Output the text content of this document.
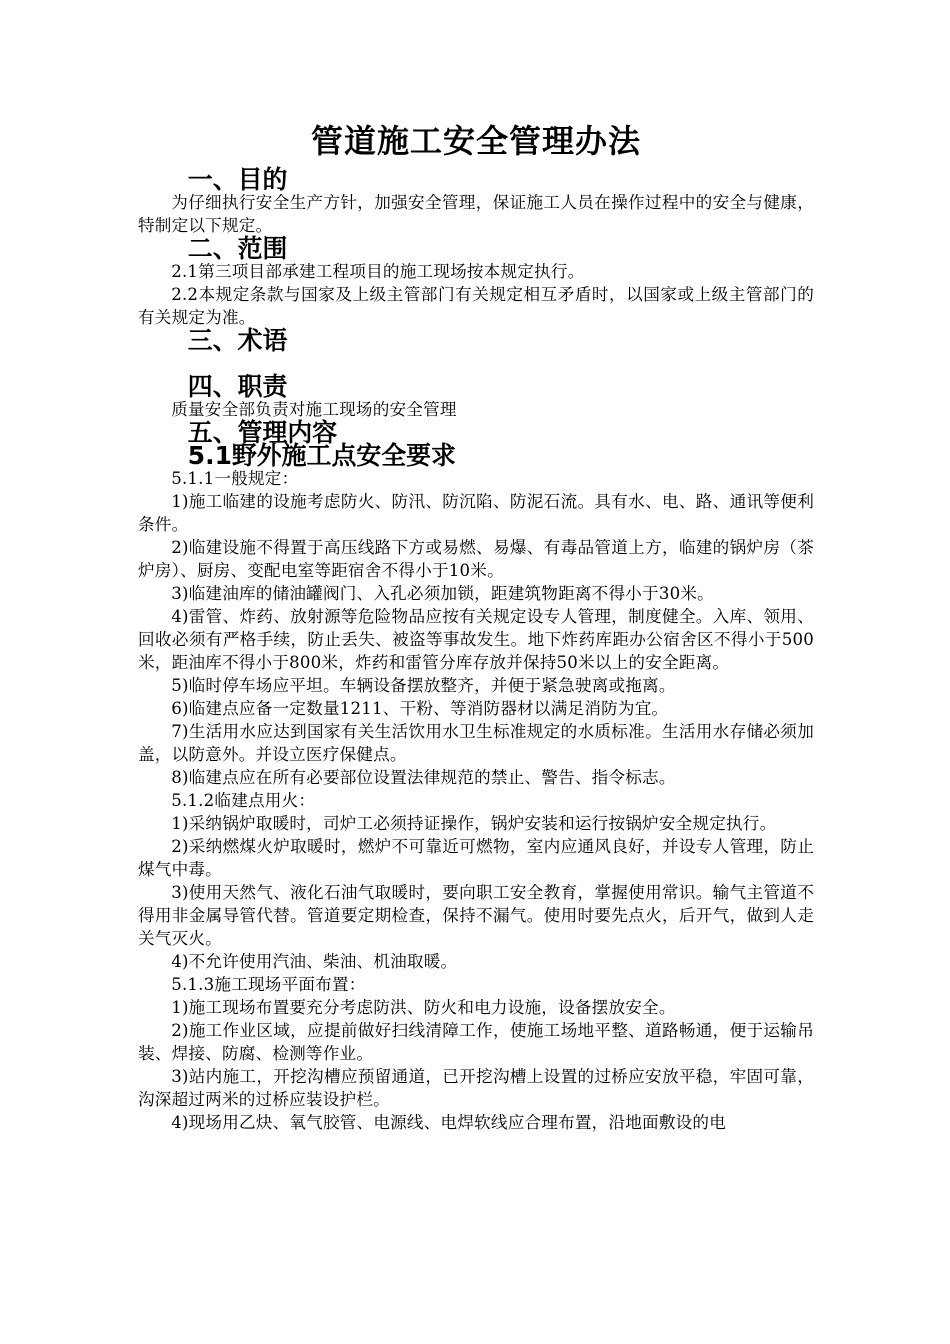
管道施工安全管理办法
一、目的

为仔细执行安全生产方针，加强安全管理，保证施工人员在操作过程中的安全与健康，特制定以下规定。

二、范围

2.1第三项目部承建工程项目的施工现场按本规定执行。

2.2本规定条款与国家及上级主管部门有关规定相互矛盾时，以国家或上级主管部门的有关规定为准。

三、术语

四、职责

质量安全部负责对施工现场的安全管理

五、管理内容
5.1野外施工点安全要求

5.1.1一般规定：

1)施工临建的设施考虑防火、防汛、防沉陷、防泥石流。具有水、电、路、通讯等便利条件。

2)临建设施不得置于高压线路下方或易燃、易爆、有毒品管道上方，临建的锅炉房（茶炉房）、厨房、变配电室等距宿舍不得小于10米。

3)临建油库的储油罐阀门、入孔必须加锁，距建筑物距离不得小于30米。

4)雷管、炸药、放射源等危险物品应按有关规定设专人管理，制度健全。入库、领用、回收必须有严格手续，防止丢失、被盗等事故发生。地下炸药库距办公宿舍区不得小于500米，距油库不得小于800米，炸药和雷管分库存放并保持50米以上的安全距离。

5)临时停车场应平坦。车辆设备摆放整齐，并便于紧急驶离或拖离。

6)临建点应备一定数量1211、干粉、等消防器材以满足消防为宜。

7)生活用水应达到国家有关生活饮用水卫生标准规定的水质标准。生活用水存储必须加盖，以防意外。并设立医疗保健点。

8)临建点应在所有必要部位设置法律规范的禁止、警告、指令标志。

5.1.2临建点用火：

1)采纳锅炉取暖时，司炉工必须持证操作，锅炉安装和运行按锅炉安全规定执行。

2)采纳燃煤火炉取暖时，燃炉不可靠近可燃物，室内应通风良好，并设专人管理，防止煤气中毒。

3)使用天然气、液化石油气取暖时，要向职工安全教育，掌握使用常识。输气主管道不得用非金属导管代替。管道要定期检查，保持不漏气。使用时要先点火，后开气，做到人走关气灭火。

4)不允许使用汽油、柴油、机油取暖。

5.1.3施工现场平面布置：

1)施工现场布置要充分考虑防洪、防火和电力设施，设备摆放安全。

2)施工作业区域，应提前做好扫线清障工作，使施工场地平整、道路畅通，便于运输吊装、焊接、防腐、检测等作业。

3)站内施工，开挖沟槽应预留通道，已开挖沟槽上设置的过桥应安放平稳，牢固可靠，沟深超过两米的过桥应装设护栏。

4)现场用乙炔、氧气胶管、电源线、电焊软线应合理布置，沿地面敷设的电
